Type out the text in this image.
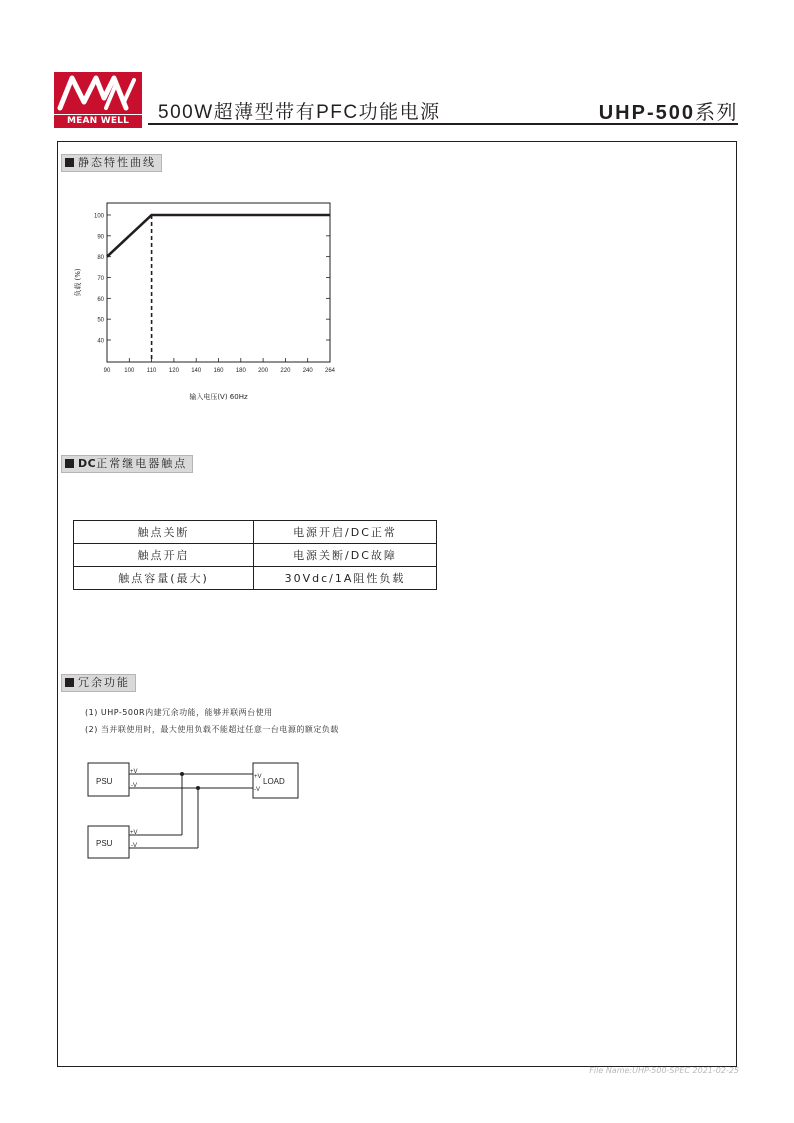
MEAN WELL	500W超薄型带有PFC功能电源	UHP-500系列
静态特性曲线
40
50
60
70
80
90
100
90 100 110 120 140 160 180 200 220 240 264
负载 (%)
输入电压(V) 60Hz
DC正常继电器触点
触点关断	电源开启/DC正常
触点开启	电源关断/DC故障
触点容量(最大)	30Vdc/1A阻性负载
冗余功能
(1) UHP-500R内建冗余功能，能够并联两台使用
(2) 当并联使用时，最大使用负载不能超过任意一台电源的额定负载
PSU
PSU
LOAD
+V
-V
+V
-V
+V
-V
File Name:UHP-500-SPEC 2021-02-25
